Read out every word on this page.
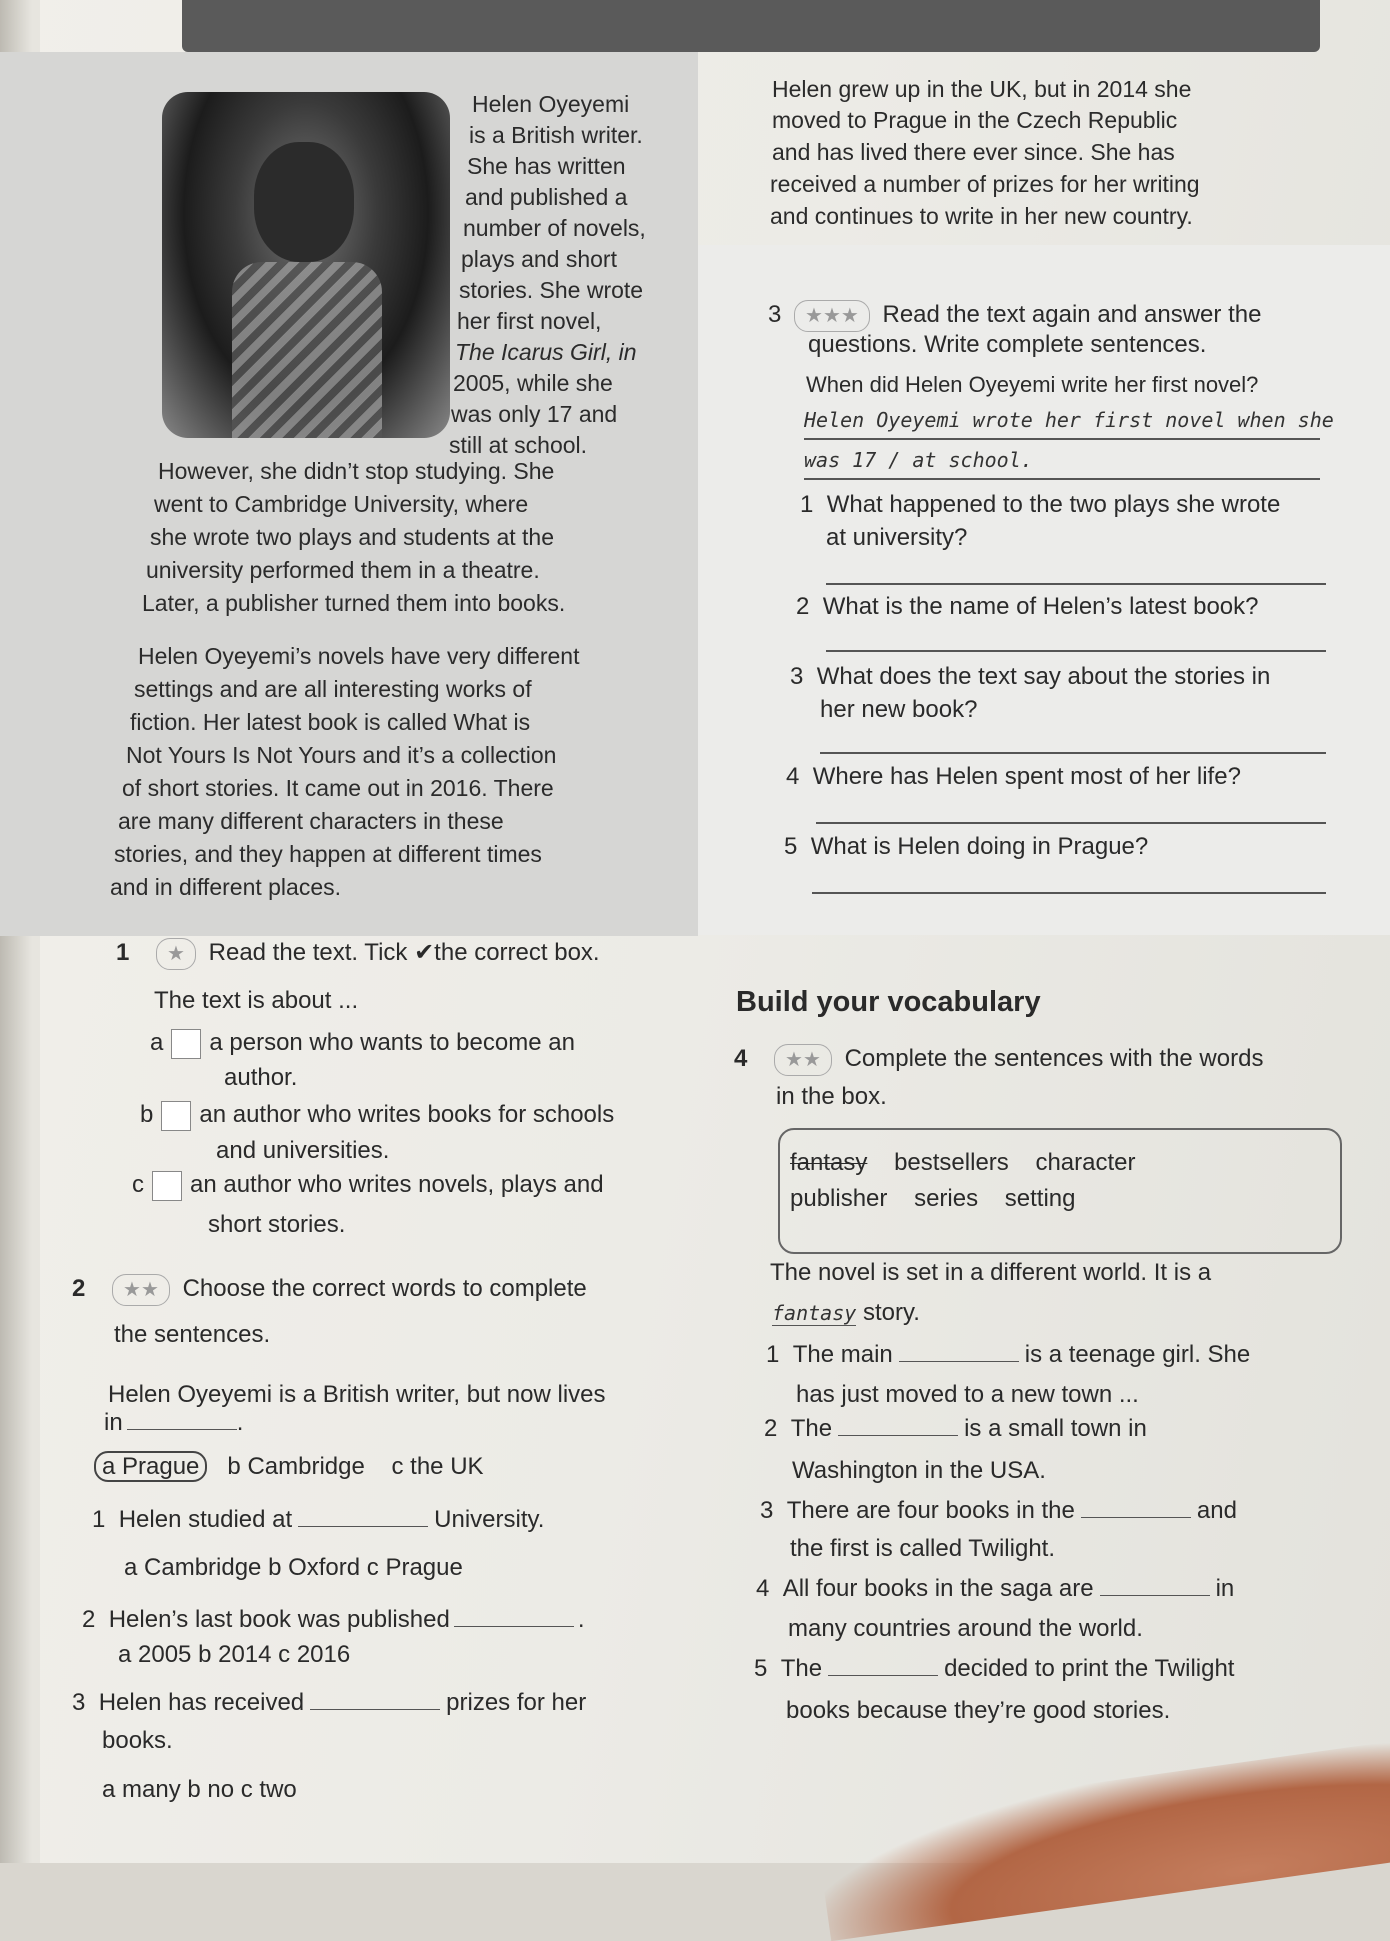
Helen Oyeyemi
is a British writer.
She has written
and published a
number of novels,
plays and short
stories. She wrote
her first novel,
The Icarus Girl, in
2005, while she
was only 17 and
still at school.
However, she didn’t stop studying. She
went to Cambridge University, where
she wrote two plays and students at the
university performed them in a theatre.
Later, a publisher turned them into books.
Helen Oyeyemi’s novels have very different
settings and are all interesting works of
fiction. Her latest book is called What is
Not Yours Is Not Yours and it’s a collection
of short stories. It came out in 2016. There
are many different characters in these
stories, and they happen at different times
and in different places.
Helen grew up in the UK, but in 2014 she
moved to Prague in the Czech Republic
and has lived there ever since. She has
received a number of prizes for her writing
and continues to write in her new country.
3 ★★★ Read the text again and answer the
questions. Write complete sentences.
When did Helen Oyeyemi write her first novel?
Helen Oyeyemi wrote her first novel when she
was 17 / at school.
1 What happened to the two plays she wrote
at university?
2 What is the name of Helen’s latest book?
3 What does the text say about the stories in
her new book?
4 Where has Helen spent most of her life?
5 What is Helen doing in Prague?
1 ★ Read the text. Tick ✔the correct box.
The text is about ...
a a person who wants to become an
author.
b an author who writes books for schools
and universities.
c an author who writes novels, plays and
short stories.
2 ★★ Choose the correct words to complete
the sentences.
Helen Oyeyemi is a British writer, but now lives
in	.
a Prague b Cambridge c the UK
1 Helen studied at	University.
a Cambridge b Oxford c Prague
2 Helen’s last book was published	.
a 2005 b 2014 c 2016
3 Helen has received	prizes for her
books.
a many b no c two
Build your vocabulary
4 ★★ Complete the sentences with the words
in the box.
fantasy bestsellers character
publisher series setting
The novel is set in a different world. It is a
fantasy story.
1 The main	is a teenage girl. She
has just moved to a new town ...
2 The	is a small town in
Washington in the USA.
3 There are four books in the	and
the first is called Twilight.
4 All four books in the saga are	in
many countries around the world.
5 The	decided to print the Twilight
books because they’re good stories.
